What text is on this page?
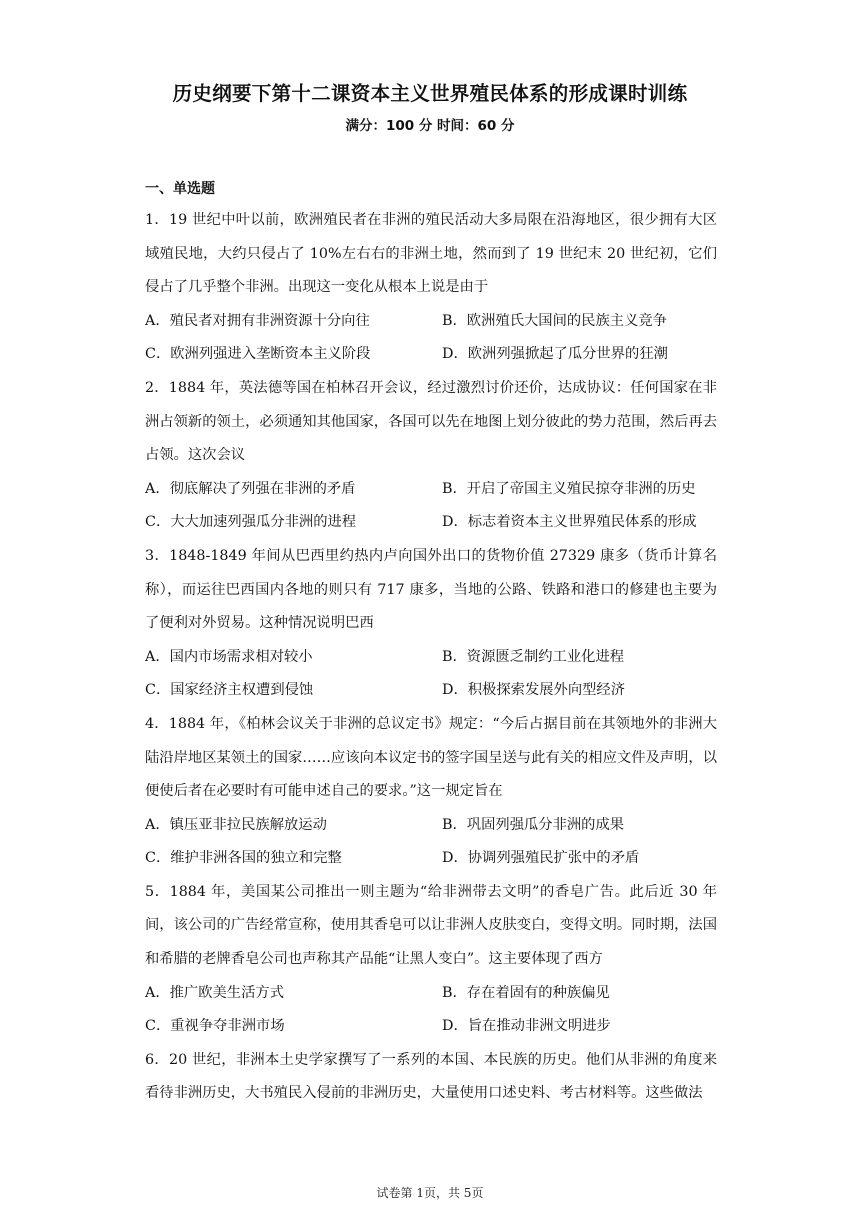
历史纲要下第十二课资本主义世界殖民体系的形成课时训练
满分：100 分 时间：60 分
一、单选题

1．19 世纪中叶以前，欧洲殖民者在非洲的殖民活动大多局限在沿海地区，很少拥有大区域殖民地，大约只侵占了 10%左右右的非洲土地，然而到了 19 世纪末 20 世纪初，它们侵占了几乎整个非洲。出现这一变化从根本上说是由于

A．殖民者对拥有非洲资源十分向往	B．欧洲殖氏大国间的民族主义竞争
C．欧洲列强进入垄断资本主义阶段	D．欧洲列强掀起了瓜分世界的狂潮

2．1884 年，英法德等国在柏林召开会议，经过激烈讨价还价，达成协议：任何国家在非洲占领新的领土，必须通知其他国家，各国可以先在地图上划分彼此的势力范围，然后再去占领。这次会议

A．彻底解决了列强在非洲的矛盾	B．开启了帝国主义殖民掠夺非洲的历史
C．大大加速列强瓜分非洲的进程	D．标志着资本主义世界殖民体系的形成

3．1848-1849 年间从巴西里约热内卢向国外出口的货物价值 27329 康多（货币计算名称），而运往巴西国内各地的则只有 717 康多，当地的公路、铁路和港口的修建也主要为了便利对外贸易。这种情况说明巴西

A．国内市场需求相对较小	B．资源匮乏制约工业化进程
C．国家经济主权遭到侵蚀	D．积极探索发展外向型经济

4．1884 年，《柏林会议关于非洲的总议定书》规定：“今后占据目前在其领地外的非洲大陆沿岸地区某领土的国家……应该向本议定书的签字国呈送与此有关的相应文件及声明，以便使后者在必要时有可能申述自己的要求。”这一规定旨在

A．镇压亚非拉民族解放运动	B．巩固列强瓜分非洲的成果
C．维护非洲各国的独立和完整	D．协调列强殖民扩张中的矛盾

5．1884 年，美国某公司推出一则主题为“给非洲带去文明”的香皂广告。此后近 30 年间，该公司的广告经常宣称，使用其香皂可以让非洲人皮肤变白，变得文明。同时期，法国和希腊的老牌香皂公司也声称其产品能“让黑人变白”。这主要体现了西方

A．推广欧美生活方式	B．存在着固有的种族偏见
C．重视争夺非洲市场	D．旨在推动非洲文明进步

6．20 世纪，非洲本土史学家撰写了一系列的本国、本民族的历史。他们从非洲的角度来看待非洲历史，大书殖民入侵前的非洲历史，大量使用口述史料、考古材料等。这些做法

试卷第 1页，共 5页
